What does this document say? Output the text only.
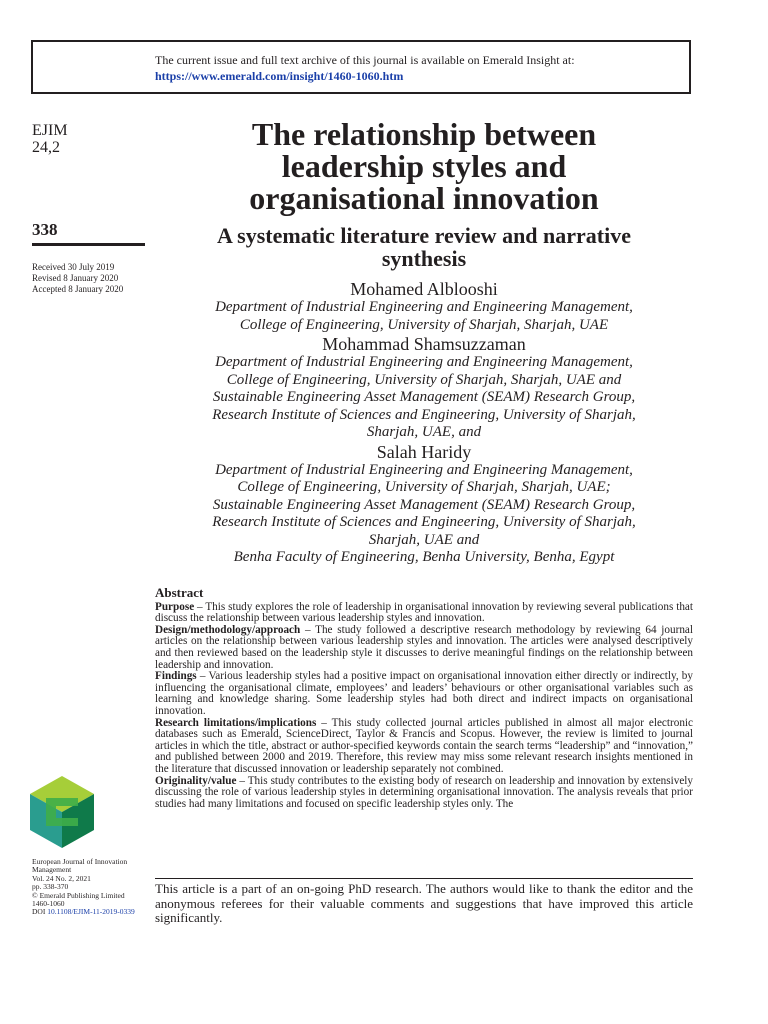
The current issue and full text archive of this journal is available on Emerald Insight at:
https://www.emerald.com/insight/1460-1060.htm
EJIM
24,2
338
Received 30 July 2019
Revised 8 January 2020
Accepted 8 January 2020
The relationship between
leadership styles and
organisational innovation
A systematic literature review and narrative
synthesis
Mohamed Alblooshi
Department of Industrial Engineering and Engineering Management,
College of Engineering, University of Sharjah, Sharjah, UAE
Mohammad Shamsuzzaman
Department of Industrial Engineering and Engineering Management,
College of Engineering, University of Sharjah, Sharjah, UAE and
Sustainable Engineering Asset Management (SEAM) Research Group,
Research Institute of Sciences and Engineering, University of Sharjah,
Sharjah, UAE, and
Salah Haridy
Department of Industrial Engineering and Engineering Management,
College of Engineering, University of Sharjah, Sharjah, UAE;
Sustainable Engineering Asset Management (SEAM) Research Group,
Research Institute of Sciences and Engineering, University of Sharjah,
Sharjah, UAE and
Benha Faculty of Engineering, Benha University, Benha, Egypt
Abstract

Purpose – This study explores the role of leadership in organisational innovation by reviewing several publications that discuss the relationship between various leadership styles and innovation.

Design/methodology/approach – The study followed a descriptive research methodology by reviewing 64 journal articles on the relationship between various leadership styles and innovation. The articles were analysed descriptively and then reviewed based on the leadership style it discusses to derive meaningful findings on the relationship between leadership and innovation.

Findings – Various leadership styles had a positive impact on organisational innovation either directly or indirectly, by influencing the organisational climate, employees’ and leaders’ behaviours or other organisational variables such as learning and knowledge sharing. Some leadership styles had both direct and indirect impacts on organisational innovation.

Research limitations/implications – This study collected journal articles published in almost all major electronic databases such as Emerald, ScienceDirect, Taylor & Francis and Scopus. However, the review is limited to journal articles in which the title, abstract or author-specified keywords contain the search terms “leadership” and “innovation,” and published between 2000 and 2019. Therefore, this review may miss some relevant research insights mentioned in the literature that discussed innovation or leadership separately not combined.

Originality/value – This study contributes to the existing body of research on leadership and innovation by extensively discussing the role of various leadership styles in determining organisational innovation. The analysis reveals that prior studies had many limitations and focused on specific leadership styles only. The

This article is a part of an on-going PhD research. The authors would like to thank the editor and the anonymous referees for their valuable comments and suggestions that have improved this article significantly.
European Journal of Innovation
Management
Vol. 24 No. 2, 2021
pp. 338-370
© Emerald Publishing Limited
1460-1060
DOI 10.1108/EJIM-11-2019-0339
